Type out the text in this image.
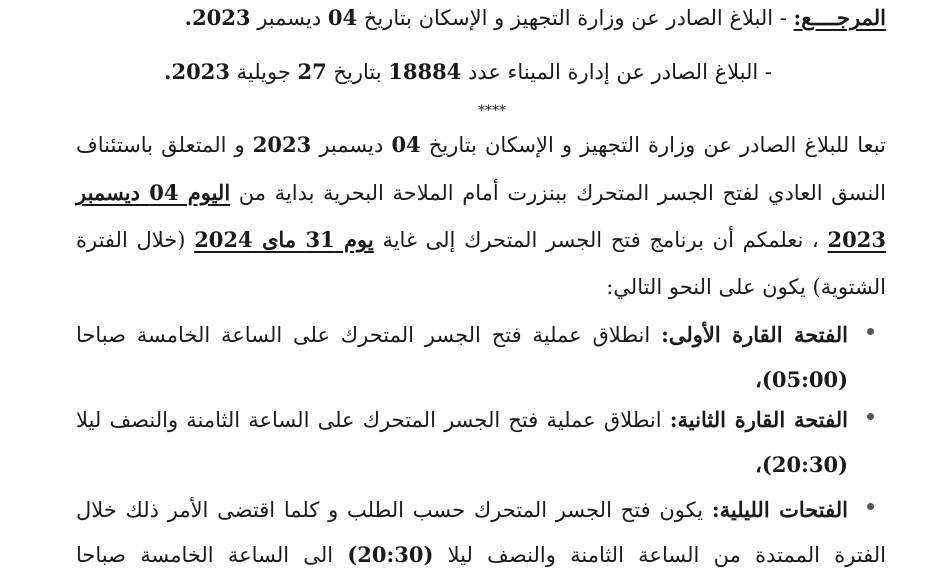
المرجــــع: - البلاغ الصادر عن وزارة التجهيز و الإسكان بتاريخ 04 ديسمبر 2023.
- البلاغ الصادر عن إدارة الميناء عدد 18884 بتاريخ 27 جويلية 2023.
****
تبعا للبلاغ الصادر عن وزارة التجهيز و الإسكان بتاريخ 04 ديسمبر 2023 و المتعلق باستئناف
النسق العادي لفتح الجسر المتحرك ببنزرت أمام الملاحة البحرية بداية من اليوم 04 ديسمبر
2023 ، نعلمكم أن برنامج فتح الجسر المتحرك إلى غاية يوم 31 ماى 2024 (خلال الفترة
الشتوية) يكون على النحو التالي:
الفتحة القارة الأولى: انطلاق عملية فتح الجسر المتحرك على الساعة الخامسة صباحا
(05:00)،
الفتحة القارة الثانية: انطلاق عملية فتح الجسر المتحرك على الساعة الثامنة والنصف ليلا
(20:30)،
الفتحات الليلية: يكون فتح الجسر المتحرك حسب الطلب و كلما اقتضى الأمر ذلك خلال
الفترة الممتدة من الساعة الثامنة والنصف ليلا (20:30) الى الساعة الخامسة صباحا
